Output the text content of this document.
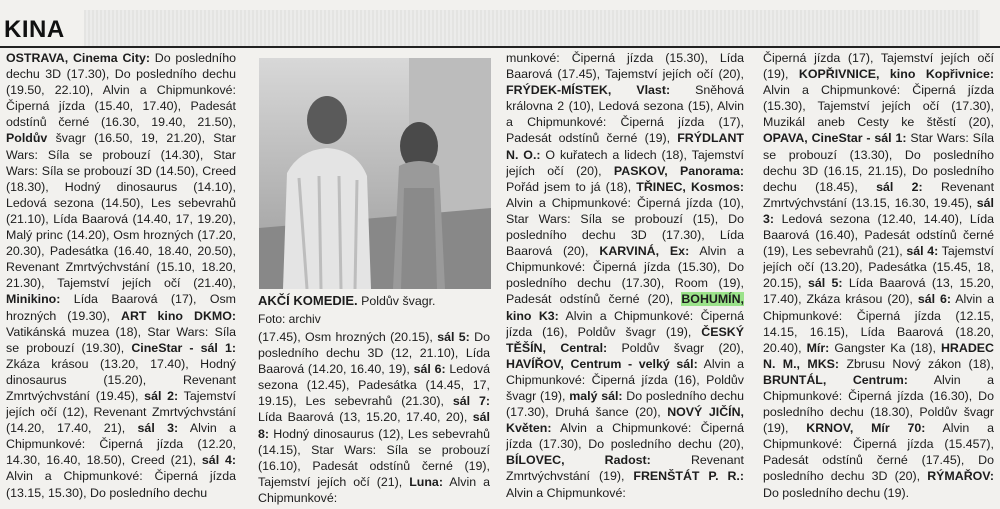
KINA
OSTRAVA, Cinema City: Do posledního dechu 3D (17.30), Do posledního dechu (19.50, 22.10), Alvin a Chipmunkové: Čiperná jízda (15.40, 17.40), Padesát odstínů černé (16.30, 19.40, 21.50), Poldův švagr (16.50, 19, 21.20), Star Wars: Síla se probouzí (14.30), Star Wars: Síla se probouzí 3D (14.50), Creed (18.30), Hodný dinosaurus (14.10), Ledová sezona (14.50), Les sebevrahů (21.10), Lída Baarová (14.40, 17, 19.20), Malý princ (14.20), Osm hrozných (17.20, 20.30), Padesátka (16.40, 18.40, 20.50), Revenant Zmrtvýchvstání (15.10, 18.20, 21.30), Tajemství jejích očí (21.40), Minikino: Lída Baarová (17), Osm hrozných (19.30), ART kino DKMO: Vatikánská muzea (18), Star Wars: Síla se probouzí (19.30), CineStar - sál 1: Zkáza krásou (13.20, 17.40), Hodný dinosaurus (15.20), Revenant Zmrtvýchvstání (19.45), sál 2: Tajemství jejích očí (12), Revenant Zmrtvýchvstání (14.20, 17.40, 21), sál 3: Alvin a Chipmunkové: Čiperná jízda (12.20, 14.30, 16.40, 18.50), Creed (21), sál 4: Alvin a Chipmunkové: Čiperná jízda (13.15, 15.30), Do posledního dechu
AKČÍ KOMEDIE. Poldův švagr.
Foto: archiv
(17.45), Osm hrozných (20.15), sál 5: Do posledního dechu 3D (12, 21.10), Lída Baarová (14.20, 16.40, 19), sál 6: Ledová sezona (12.45), Padesátka (14.45, 17, 19.15), Les sebevrahů (21.30), sál 7: Lída Baarová (13, 15.20, 17.40, 20), sál 8: Hodný dinosaurus (12), Les sebevrahů (14.15), Star Wars: Síla se probouzí (16.10), Padesát odstínů černé (19), Tajemství jejích očí (21), Luna: Alvin a Chipmunkové:
munkové: Čiperná jízda (15.30), Lída Baarová (17.45), Tajemství jejích očí (20), FRÝDEK-MÍSTEK, Vlast: Sněhová královna 2 (10), Ledová sezona (15), Alvin a Chipmunkové: Čiperná jízda (17), Padesát odstínů černé (19), FRÝDLANT N. O.: O kuřatech a lidech (18), Tajemství jejích očí (20), PASKOV, Panorama: Pořád jsem to já (18), TŘINEC, Kosmos: Alvin a Chipmunkové: Čiperná jízda (10), Star Wars: Síla se probouzí (15), Do posledního dechu 3D (17.30), Lída Baarová (20), KARVINÁ, Ex: Alvin a Chipmunkové: Čiperná jízda (15.30), Do posledního dechu (17.30), Room (19), Padesát odstínů černé (20), BOHUMÍN, kino K3: Alvin a Chipmunkové: Čiperná jízda (16), Poldův švagr (19), ČESKÝ TĚŠÍN, Central: Poldův švagr (20), HAVÍŘOV, Centrum - velký sál: Alvin a Chipmunkové: Čiperná jízda (16), Poldův švagr (19), malý sál: Do posledního dechu (17.30), Druhá šance (20), NOVÝ JIČÍN, Květen: Alvin a Chipmunkové: Čiperná jízda (17.30), Do posledního dechu (20), BÍLOVEC, Radost: Revenant Zmrtvýchvstání (19), FRENŠTÁT P. R.: Alvin a Chipmunkové:
Čiperná jízda (17), Tajemství jejích očí (19), KOPŘIVNICE, kino Kopřivnice: Alvin a Chipmunkové: Čiperná jízda (15.30), Tajemství jejích očí (17.30), Muzikál aneb Cesty ke štěstí (20), OPAVA, CineStar - sál 1: Star Wars: Síla se probouzí (13.30), Do posledního dechu 3D (16.15, 21.15), Do posledního dechu (18.45), sál 2: Revenant Zmrtvýchvstání (13.15, 16.30, 19.45), sál 3: Ledová sezona (12.40, 14.40), Lída Baarová (16.40), Padesát odstínů černé (19), Les sebevrahů (21), sál 4: Tajemství jejích očí (13.20), Padesátka (15.45, 18, 20.15), sál 5: Lída Baarová (13, 15.20, 17.40), Zkáza krásou (20), sál 6: Alvin a Chipmunkové: Čiperná jízda (12.15, 14.15, 16.15), Lída Baarová (18.20, 20.40), Mír: Gangster Ka (18), HRADEC N. M., MKS: Zbrusu Nový zákon (18), BRUNTÁL, Centrum: Alvin a Chipmunkové: Čiperná jízda (16.30), Do posledního dechu (18.30), Poldův švagr (19), KRNOV, Mír 70: Alvin a Chipmunkové: Čiperná jízda (15.457), Padesát odstínů černé (17.45), Do posledního dechu 3D (20), RÝMAŘOV: Do posledního dechu (19).
